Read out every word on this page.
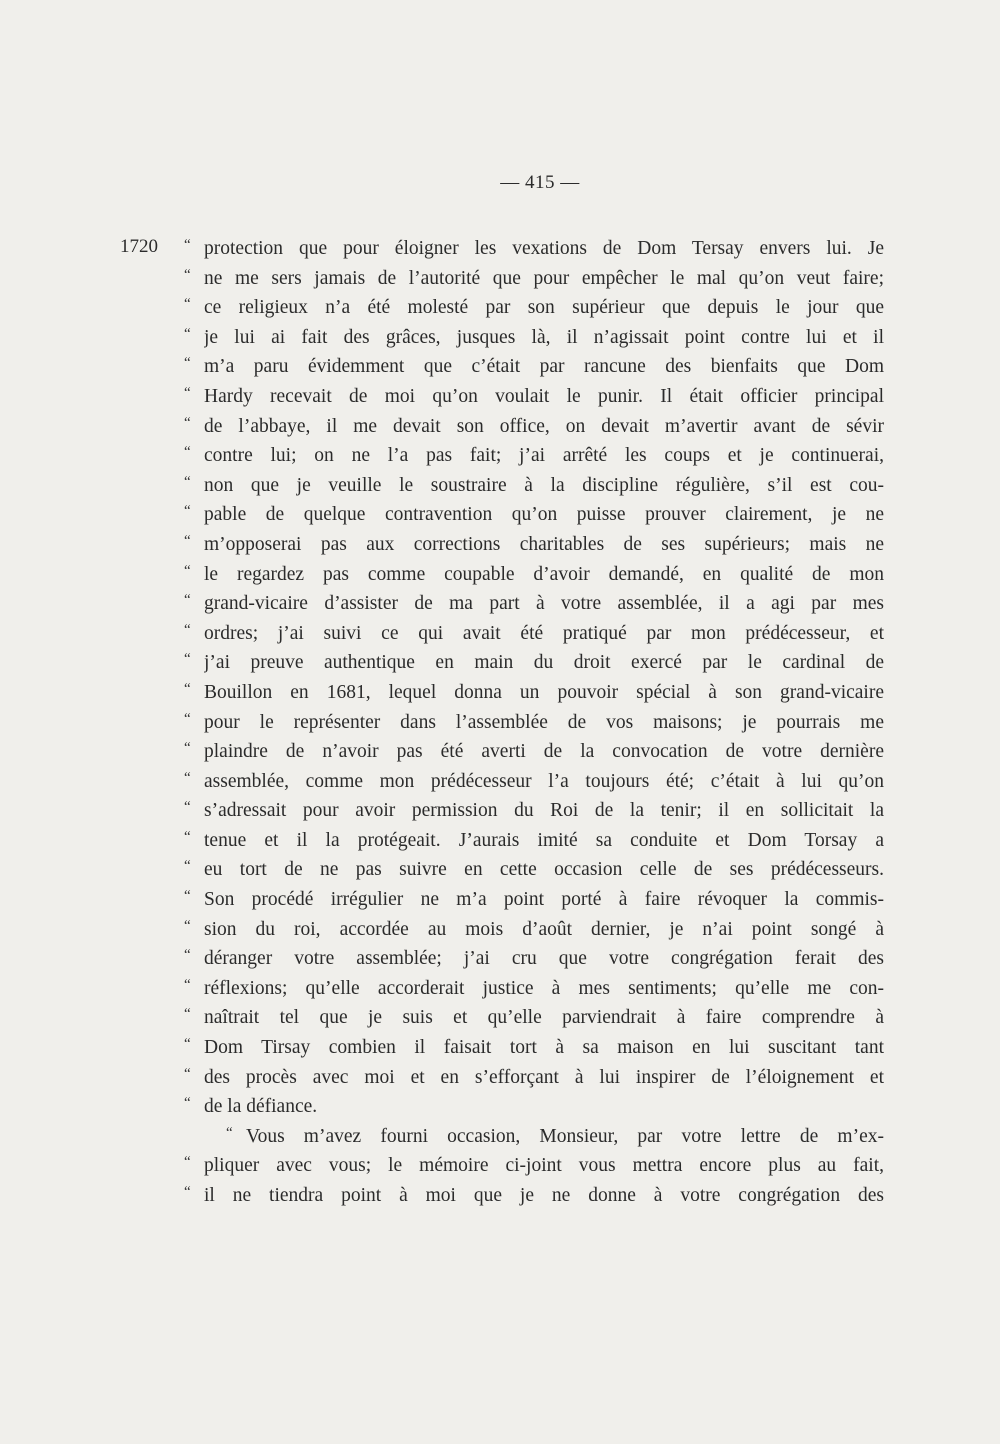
— 415 —
1720 “ protection que pour éloigner les vexations de Dom Tersay envers lui. Je
“ ne me sers jamais de l’autorité que pour empêcher le mal qu’on veut faire;
“ ce religieux n’a été molesté par son supérieur que depuis le jour que
“ je lui ai fait des grâces, jusques là, il n’agissait point contre lui et il
“ m’a paru évidemment que c’était par rancune des bienfaits que Dom
“ Hardy recevait de moi qu’on voulait le punir. Il était officier principal
“ de l’abbaye, il me devait son office, on devait m’avertir avant de sévir
“ contre lui; on ne l’a pas fait; j’ai arrêté les coups et je continuerai,
“ non que je veuille le soustraire à la discipline régulière, s’il est cou-
“ pable de quelque contravention qu’on puisse prouver clairement, je ne
“ m’opposerai pas aux corrections charitables de ses supérieurs; mais ne
“ le regardez pas comme coupable d’avoir demandé, en qualité de mon
“ grand-vicaire d’assister de ma part à votre assemblée, il a agi par mes
“ ordres; j’ai suivi ce qui avait été pratiqué par mon prédécesseur, et
“ j’ai preuve authentique en main du droit exercé par le cardinal de
“ Bouillon en 1681, lequel donna un pouvoir spécial à son grand-vicaire
“ pour le représenter dans l’assemblée de vos maisons; je pourrais me
“ plaindre de n’avoir pas été averti de la convocation de votre dernière
“ assemblée, comme mon prédécesseur l’a toujours été; c’était à lui qu’on
“ s’adressait pour avoir permission du Roi de la tenir; il en sollicitait la
“ tenue et il la protégeait. J’aurais imité sa conduite et Dom Torsay a
“ eu tort de ne pas suivre en cette occasion celle de ses prédécesseurs.
“ Son procédé irrégulier ne m’a point porté à faire révoquer la commis-
“ sion du roi, accordée au mois d’août dernier, je n’ai point songé à
“ déranger votre assemblée; j’ai cru que votre congrégation ferait des
“ réflexions; qu’elle accorderait justice à mes sentiments; qu’elle me con-
“ naîtrait tel que je suis et qu’elle parviendrait à faire comprendre à
“ Dom Tirsay combien il faisait tort à sa maison en lui suscitant tant
“ des procès avec moi et en s’efforçant à lui inspirer de l’éloignement et
“ de la défiance.
“ Vous m’avez fourni occasion, Monsieur, par votre lettre de m’ex-
“ pliquer avec vous; le mémoire ci-joint vous mettra encore plus au fait,
“ il ne tiendra point à moi que je ne donne à votre congrégation des
